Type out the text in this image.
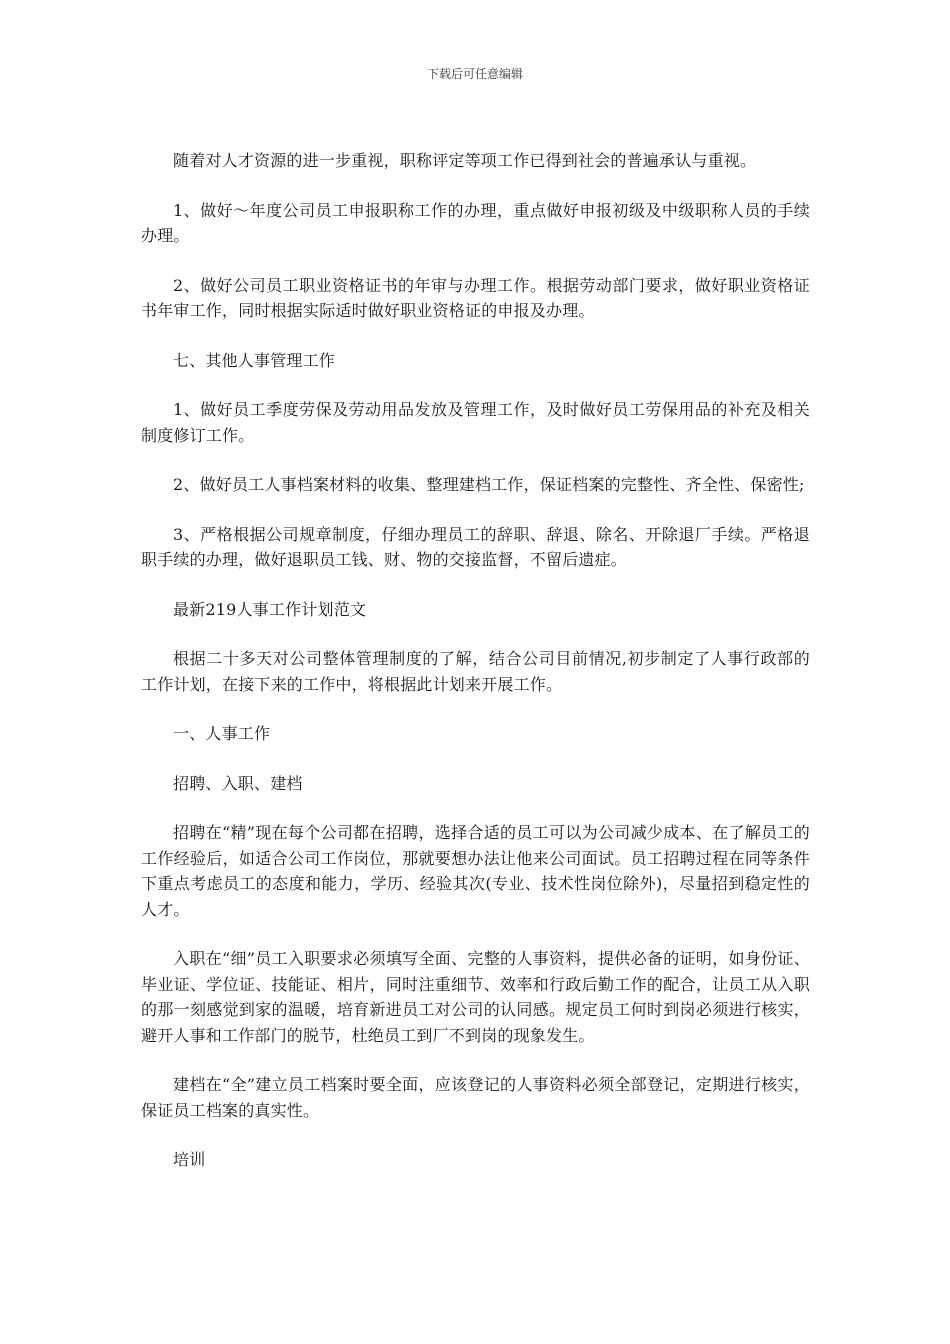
下载后可任意编辑

随着对人才资源的进一步重视，职称评定等项工作已得到社会的普遍承认与重视。

1、做好～年度公司员工申报职称工作的办理，重点做好申报初级及中级职称人员的手续办理。

2、做好公司员工职业资格证书的年审与办理工作。根据劳动部门要求，做好职业资格证书年审工作，同时根据实际适时做好职业资格证的申报及办理。

七、其他人事管理工作

1、做好员工季度劳保及劳动用品发放及管理工作，及时做好员工劳保用品的补充及相关制度修订工作。

2、做好员工人事档案材料的收集、整理建档工作，保证档案的完整性、齐全性、保密性;

3、严格根据公司规章制度，仔细办理员工的辞职、辞退、除名、开除退厂手续。严格退职手续的办理，做好退职员工钱、财、物的交接监督，不留后遗症。

最新219人事工作计划范文

根据二十多天对公司整体管理制度的了解，结合公司目前情况,初步制定了人事行政部的工作计划，在接下来的工作中，将根据此计划来开展工作。

一、人事工作

招聘、入职、建档

招聘在“精”现在每个公司都在招聘，选择合适的员工可以为公司减少成本、在了解员工的工作经验后，如适合公司工作岗位，那就要想办法让他来公司面试。员工招聘过程在同等条件下重点考虑员工的态度和能力，学历、经验其次(专业、技术性岗位除外)，尽量招到稳定性的人才。

入职在“细”员工入职要求必须填写全面、完整的人事资料，提供必备的证明，如身份证、毕业证、学位证、技能证、相片，同时注重细节、效率和行政后勤工作的配合，让员工从入职的那一刻感觉到家的温暖，培育新进员工对公司的认同感。规定员工何时到岗必须进行核实，避开人事和工作部门的脱节，杜绝员工到厂不到岗的现象发生。

建档在“全”建立员工档案时要全面，应该登记的人事资料必须全部登记，定期进行核实，保证员工档案的真实性。

培训
